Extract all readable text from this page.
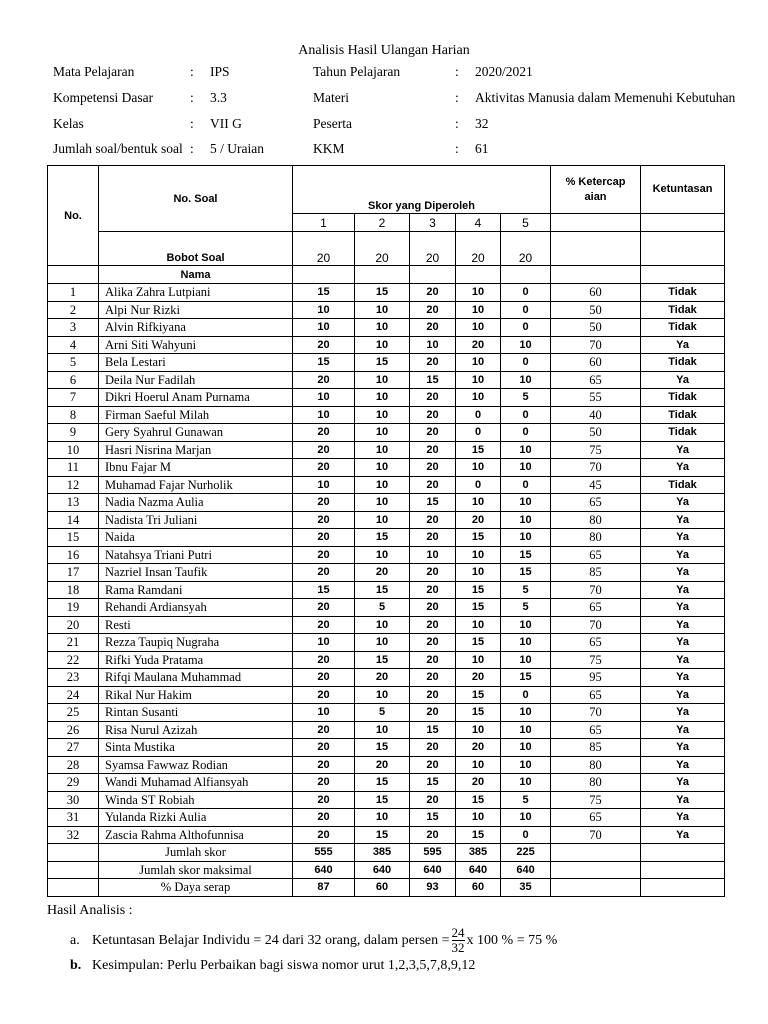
Analisis Hasil Ulangan Harian
Mata Pelajaran	:	IPS	Tahun Pelajaran	:	2020/2021
Kompetensi Dasar	:	3.3	Materi	:	Aktivitas Manusia dalam Memenuhi Kebutuhan
Kelas	:	VII G	Peserta	:	32
Jumlah soal/bentuk soal	:	5 / Uraian	KKM	:	61
No.	No. Soal	Skor yang Diperoleh					% Ketercapaian	Ketuntasan
		1	2	3	4	5		
	Bobot Soal	20	20	20	20	20		
	Nama							
1	Alika Zahra Lutpiani	15	15	20	10	0	60	Tidak
2	Alpi Nur Rizki	10	10	20	10	0	50	Tidak
3	Alvin Rifkiyana	10	10	20	10	0	50	Tidak
4	Arni Siti Wahyuni	20	10	10	20	10	70	Ya
5	Bela Lestari	15	15	20	10	0	60	Tidak
6	Deila Nur Fadilah	20	10	15	10	10	65	Ya
7	Dikri Hoerul Anam Purnama	10	10	20	10	5	55	Tidak
8	Firman Saeful Milah	10	10	20	0	0	40	Tidak
9	Gery Syahrul Gunawan	20	10	20	0	0	50	Tidak
10	Hasri Nisrina Marjan	20	10	20	15	10	75	Ya
11	Ibnu Fajar M	20	10	20	10	10	70	Ya
12	Muhamad Fajar Nurholik	10	10	20	0	0	45	Tidak
13	Nadia Nazma Aulia	20	10	15	10	10	65	Ya
14	Nadista Tri Juliani	20	10	20	20	10	80	Ya
15	Naida	20	15	20	15	10	80	Ya
16	Natahsya Triani Putri	20	10	10	10	15	65	Ya
17	Nazriel Insan Taufik	20	20	20	10	15	85	Ya
18	Rama Ramdani	15	15	20	15	5	70	Ya
19	Rehandi Ardiansyah	20	5	20	15	5	65	Ya
20	Resti	20	10	20	10	10	70	Ya
21	Rezza Taupiq Nugraha	10	10	20	15	10	65	Ya
22	Rifki Yuda Pratama	20	15	20	10	10	75	Ya
23	Rifqi Maulana Muhammad	20	20	20	20	15	95	Ya
24	Rikal Nur Hakim	20	10	20	15	0	65	Ya
25	Rintan Susanti	10	5	20	15	10	70	Ya
26	Risa Nurul Azizah	20	10	15	10	10	65	Ya
27	Sinta Mustika	20	15	20	20	10	85	Ya
28	Syamsa Fawwaz Rodian	20	20	20	10	10	80	Ya
29	Wandi Muhamad Alfiansyah	20	15	15	20	10	80	Ya
30	Winda ST Robiah	20	15	20	15	5	75	Ya
31	Yulanda Rizki Aulia	20	10	15	10	10	65	Ya
32	Zascia Rahma Althofunnisa	20	15	20	15	0	70	Ya
	Jumlah skor	555	385	595	385	225		
	Jumlah skor maksimal	640	640	640	640	640		
	% Daya serap	87	60	93	60	35		
Hasil Analisis :
a. Ketuntasan Belajar Individu = 24 dari 32 orang, dalam persen = $\frac{24}{32}$ x 100 % = 75 %
b. Kesimpulan: Perlu Perbaikan bagi siswa nomor urut 1,2,3,5,7,8,9,12
